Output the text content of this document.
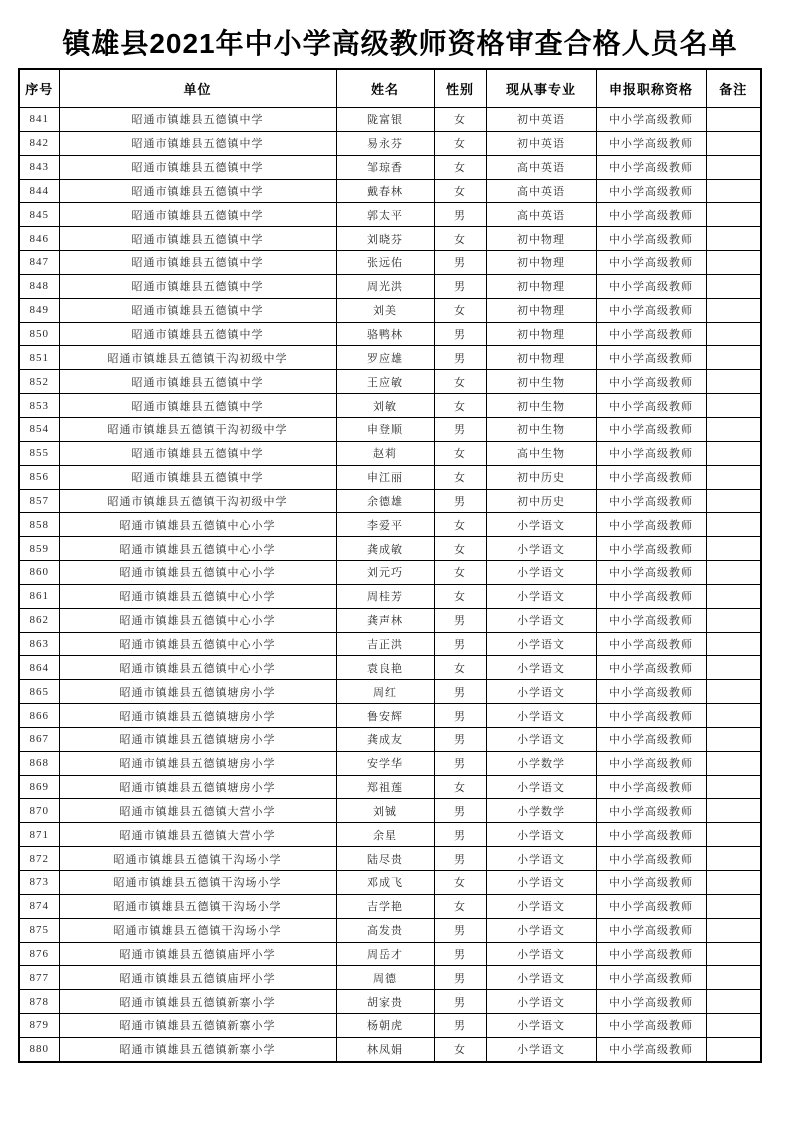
镇雄县2021年中小学高级教师资格审查合格人员名单
序号	单位	姓名	性别	现从事专业	申报职称资格	备注
841	昭通市镇雄县五德镇中学	陇富银	女	初中英语	中小学高级教师	
842	昭通市镇雄县五德镇中学	易永芬	女	初中英语	中小学高级教师	
843	昭通市镇雄县五德镇中学	邹琼香	女	高中英语	中小学高级教师	
844	昭通市镇雄县五德镇中学	戴春林	女	高中英语	中小学高级教师	
845	昭通市镇雄县五德镇中学	郭太平	男	高中英语	中小学高级教师	
846	昭通市镇雄县五德镇中学	刘晓芬	女	初中物理	中小学高级教师	
847	昭通市镇雄县五德镇中学	张远佑	男	初中物理	中小学高级教师	
848	昭通市镇雄县五德镇中学	周光洪	男	初中物理	中小学高级教师	
849	昭通市镇雄县五德镇中学	刘美	女	初中物理	中小学高级教师	
850	昭通市镇雄县五德镇中学	骆鸭林	男	初中物理	中小学高级教师	
851	昭通市镇雄县五德镇干沟初级中学	罗应雄	男	初中物理	中小学高级教师	
852	昭通市镇雄县五德镇中学	王应敏	女	初中生物	中小学高级教师	
853	昭通市镇雄县五德镇中学	刘敏	女	初中生物	中小学高级教师	
854	昭通市镇雄县五德镇干沟初级中学	申登顺	男	初中生物	中小学高级教师	
855	昭通市镇雄县五德镇中学	赵莉	女	高中生物	中小学高级教师	
856	昭通市镇雄县五德镇中学	申江丽	女	初中历史	中小学高级教师	
857	昭通市镇雄县五德镇干沟初级中学	余德雄	男	初中历史	中小学高级教师	
858	昭通市镇雄县五德镇中心小学	李爱平	女	小学语文	中小学高级教师	
859	昭通市镇雄县五德镇中心小学	龚成敏	女	小学语文	中小学高级教师	
860	昭通市镇雄县五德镇中心小学	刘元巧	女	小学语文	中小学高级教师	
861	昭通市镇雄县五德镇中心小学	周桂芳	女	小学语文	中小学高级教师	
862	昭通市镇雄县五德镇中心小学	龚声林	男	小学语文	中小学高级教师	
863	昭通市镇雄县五德镇中心小学	吉正洪	男	小学语文	中小学高级教师	
864	昭通市镇雄县五德镇中心小学	袁良艳	女	小学语文	中小学高级教师	
865	昭通市镇雄县五德镇塘房小学	周红	男	小学语文	中小学高级教师	
866	昭通市镇雄县五德镇塘房小学	鲁安辉	男	小学语文	中小学高级教师	
867	昭通市镇雄县五德镇塘房小学	龚成友	男	小学语文	中小学高级教师	
868	昭通市镇雄县五德镇塘房小学	安学华	男	小学数学	中小学高级教师	
869	昭通市镇雄县五德镇塘房小学	郑祖莲	女	小学语文	中小学高级教师	
870	昭通市镇雄县五德镇大营小学	刘铖	男	小学数学	中小学高级教师	
871	昭通市镇雄县五德镇大营小学	余星	男	小学语文	中小学高级教师	
872	昭通市镇雄县五德镇干沟场小学	陆尽贵	男	小学语文	中小学高级教师	
873	昭通市镇雄县五德镇干沟场小学	邓成飞	女	小学语文	中小学高级教师	
874	昭通市镇雄县五德镇干沟场小学	吉学艳	女	小学语文	中小学高级教师	
875	昭通市镇雄县五德镇干沟场小学	高发贵	男	小学语文	中小学高级教师	
876	昭通市镇雄县五德镇庙坪小学	周岳才	男	小学语文	中小学高级教师	
877	昭通市镇雄县五德镇庙坪小学	周德	男	小学语文	中小学高级教师	
878	昭通市镇雄县五德镇新寨小学	胡家贵	男	小学语文	中小学高级教师	
879	昭通市镇雄县五德镇新寨小学	杨朝虎	男	小学语文	中小学高级教师	
880	昭通市镇雄县五德镇新寨小学	林凤娟	女	小学语文	中小学高级教师	
